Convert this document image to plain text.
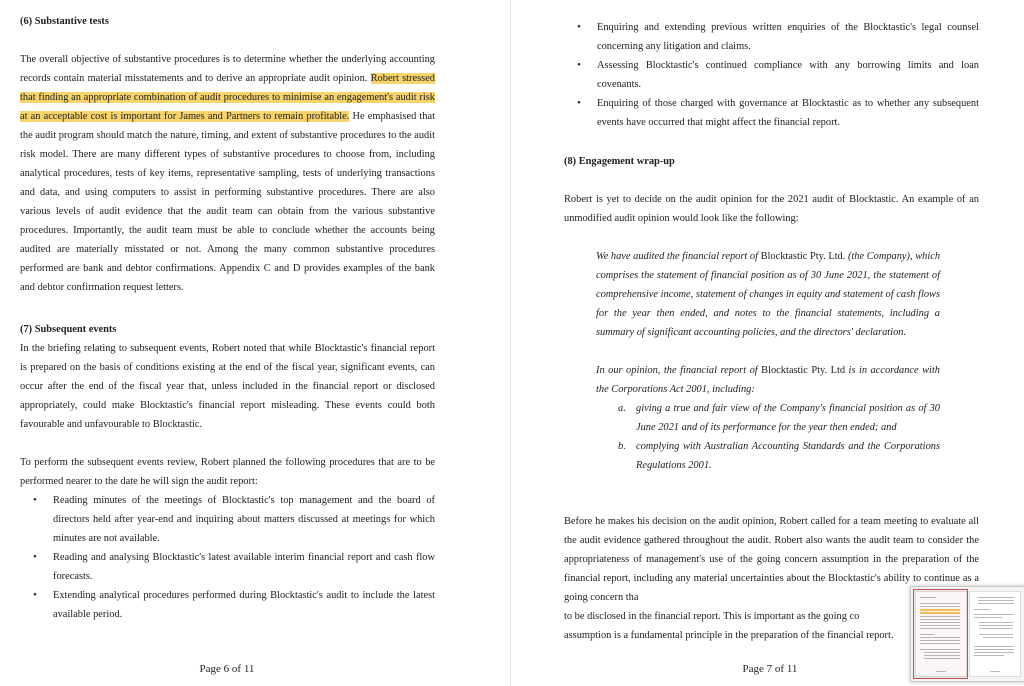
(6) Substantive tests

The overall objective of substantive procedures is to determine whether the underlying accounting records contain material misstatements and to derive an appropriate audit opinion. Robert stressed that finding an appropriate combination of audit procedures to minimise an engagement's audit risk at an acceptable cost is important for James and Partners to remain profitable. He emphasised that the audit program should match the nature, timing, and extent of substantive procedures to the audit risk model. There are many different types of substantive procedures to choose from, including analytical procedures, tests of key items, representative sampling, tests of underlying transactions and data, and using computers to assist in performing substantive procedures. There are also various levels of audit evidence that the audit team can obtain from the various substantive procedures. Importantly, the audit team must be able to conclude whether the accounts being audited are materially misstated or not. Among the many common substantive procedures performed are bank and debtor confirmations. Appendix C and D provides examples of the bank and debtor confirmation request letters.

(7) Subsequent events

In the briefing relating to subsequent events, Robert noted that while Blocktastic's financial report is prepared on the basis of conditions existing at the end of the fiscal year, significant events, can occur after the end of the fiscal year that, unless included in the financial report or disclosed appropriately, could make Blocktastic's financial report misleading. These events could both favourable and unfavourable to Blocktastic.

To perform the subsequent events review, Robert planned the following procedures that are to be performed nearer to the date he will sign the audit report:

• Reading minutes of the meetings of Blocktastic's top management and the board of directors held after year-end and inquiring about matters discussed at meetings for which minutes are not available.
• Reading and analysing Blocktastic's latest available interim financial report and cash flow forecasts.
• Extending analytical procedures performed during Blocktastic's audit to include the latest available period.
Page 6 of 11
• Enquiring and extending previous written enquiries of the Blocktastic's legal counsel concerning any litigation and claims.
• Assessing Blocktastic's continued compliance with any borrowing limits and loan covenants.
• Enquiring of those charged with governance at Blocktastic as to whether any subsequent events have occurred that might affect the financial report.
(8) Engagement wrap-up

Robert is yet to decide on the audit opinion for the 2021 audit of Blocktastic. An example of an unmodified audit opinion would look like the following:

We have audited the financial report of Blocktastic Pty. Ltd. (the Company), which comprises the statement of financial position as of 30 June 2021, the statement of comprehensive income, statement of changes in equity and statement of cash flows for the year then ended, and notes to the financial statements, including a summary of significant accounting policies, and the directors' declaration.

In our opinion, the financial report of Blocktastic Pty. Ltd is in accordance with the Corporations Act 2001, including:

a. giving a true and fair view of the Company's financial position as of 30 June 2021 and of its performance for the year then ended; and
b. complying with Australian Accounting Standards and the Corporations Regulations 2001.

Before he makes his decision on the audit opinion, Robert called for a team meeting to evaluate all the audit evidence gathered throughout the audit. Robert also wants the audit team to consider the appropriateness of management's use of the going concern assumption in the preparation of the financial report, including any material uncertainties about the Blocktastic's ability to continue as a going concern tha
to be disclosed in the financial report. This is important as the going co
assumption is a fundamental principle in the preparation of the financial report.

Page 7 of 11
